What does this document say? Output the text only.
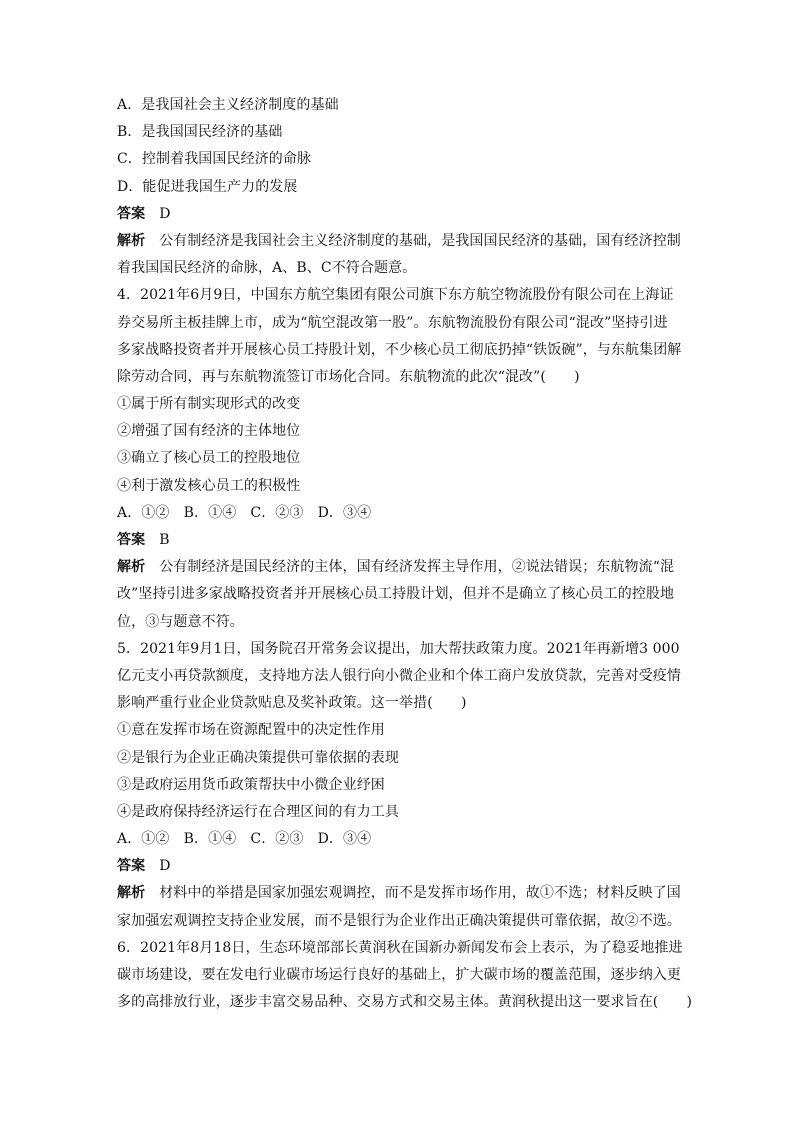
A．是我国社会主义经济制度的基础
B．是我国国民经济的基础
C．控制着我国国民经济的命脉
D．能促进我国生产力的发展
答案 D
解析 公有制经济是我国社会主义经济制度的基础，是我国国民经济的基础，国有经济控制
着我国国民经济的命脉，A、B、C不符合题意。
4．2021年6月9日，中国东方航空集团有限公司旗下东方航空物流股份有限公司在上海证
券交易所主板挂牌上市，成为“航空混改第一股”。东航物流股份有限公司“混改”坚持引进
多家战略投资者并开展核心员工持股计划，不少核心员工彻底扔掉“铁饭碗”，与东航集团解
除劳动合同，再与东航物流签订市场化合同。东航物流的此次“混改”(　　)
①属于所有制实现形式的改变
②增强了国有经济的主体地位
③确立了核心员工的控股地位
④利于激发核心员工的积极性
A．①②　B．①④　C．②③　D．③④
答案 B
解析 公有制经济是国民经济的主体，国有经济发挥主导作用，②说法错误；东航物流“混
改”坚持引进多家战略投资者并开展核心员工持股计划，但并不是确立了核心员工的控股地
位，③与题意不符。
5．2021年9月1日，国务院召开常务会议提出，加大帮扶政策力度。2021年再新增3 000
亿元支小再贷款额度，支持地方法人银行向小微企业和个体工商户发放贷款，完善对受疫情
影响严重行业企业贷款贴息及奖补政策。这一举措(　　)
①意在发挥市场在资源配置中的决定性作用
②是银行为企业正确决策提供可靠依据的表现
③是政府运用货币政策帮扶中小微企业纾困
④是政府保持经济运行在合理区间的有力工具
A．①②　B．①④　C．②③　D．③④
答案 D
解析 材料中的举措是国家加强宏观调控，而不是发挥市场作用，故①不选；材料反映了国
家加强宏观调控支持企业发展，而不是银行为企业作出正确决策提供可靠依据，故②不选。
6．2021年8月18日，生态环境部部长黄润秋在国新办新闻发布会上表示，为了稳妥地推进
碳市场建设，要在发电行业碳市场运行良好的基础上，扩大碳市场的覆盖范围，逐步纳入更
多的高排放行业，逐步丰富交易品种、交易方式和交易主体。黄润秋提出这一要求旨在(　　)
